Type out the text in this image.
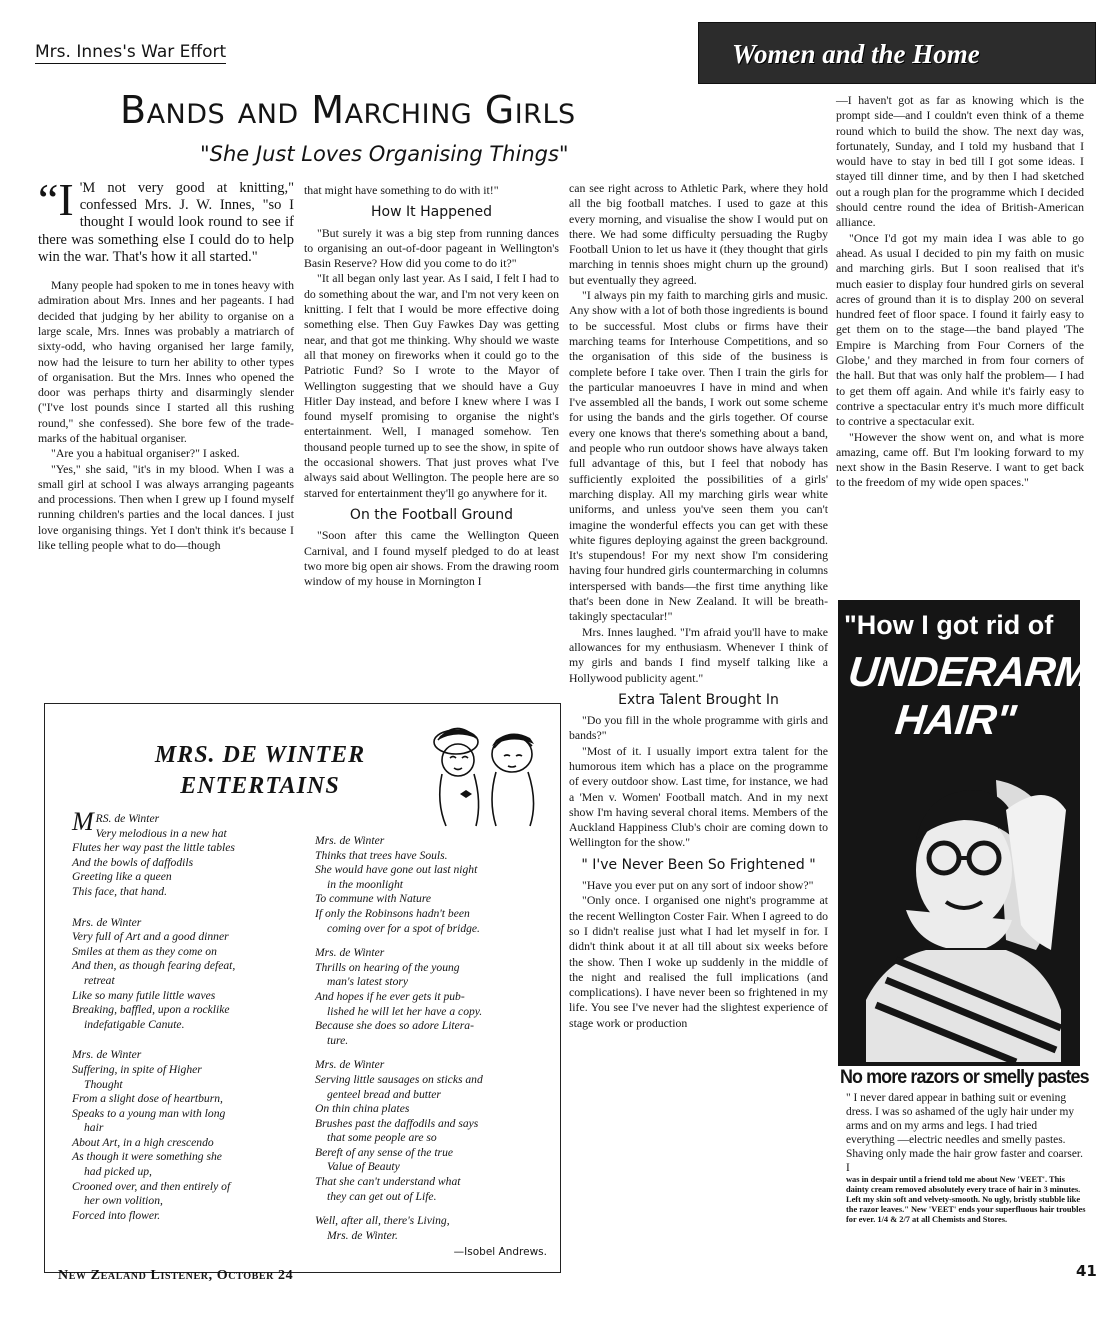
Mrs. Innes's War Effort	Women and the Home
Bands and Marching Girls
"She Just Loves Organising Things"
“I 'M not very good at knitting," confessed Mrs. J. W. Innes, "so I thought I would look round to see if there was something else I could do to help win the war. That's how it all started."

Many people had spoken to me in tones heavy with admiration about Mrs. Innes and her pageants. I had decided that judging by her ability to organise on a large scale, Mrs. Innes was probably a matriarch of sixty-odd, who having organised her large family, now had the leisure to turn her ability to other types of organisation. But the Mrs. Innes who opened the door was perhaps thirty and disarmingly slender ("I've lost pounds since I started all this rushing round," she confessed). She bore few of the trade-marks of the habitual organiser.

"Are you a habitual organiser?" I asked.

"Yes," she said, "it's in my blood. When I was a small girl at school I was always arranging pageants and processions. Then when I grew up I found myself running children's parties and the local dances. I just love organising things. Yet I don't think it's because I like telling people what to do—though

that might have something to do with it!"

How It Happened

"But surely it was a big step from running dances to organising an out-of-door pageant in Wellington's Basin Reserve? How did you come to do it?"

"It all began only last year. As I said, I felt I had to do something about the war, and I'm not very keen on knitting. I felt that I would be more effective doing something else. Then Guy Fawkes Day was getting near, and that got me thinking. Why should we waste all that money on fireworks when it could go to the Patriotic Fund? So I wrote to the Mayor of Wellington suggesting that we should have a Guy Hitler Day instead, and before I knew where I was I found myself promising to organise the night's entertainment. Well, I managed somehow. Ten thousand people turned up to see the show, in spite of the occasional showers. That just proves what I've always said about Wellington. The people here are so starved for entertainment they'll go anywhere for it.

On the Football Ground

"Soon after this came the Wellington Queen Carnival, and I found myself pledged to do at least two more big open air shows. From the drawing room window of my house in Mornington I

can see right across to Athletic Park, where they hold all the big football matches. I used to gaze at this every morning, and visualise the show I would put on there. We had some difficulty persuading the Rugby Football Union to let us have it (they thought that girls marching in tennis shoes might churn up the ground) but eventually they agreed.

"I always pin my faith to marching girls and music. Any show with a lot of both those ingredients is bound to be successful. Most clubs or firms have their marching teams for Interhouse Competitions, and so the organisation of this side of the business is complete before I take over. Then I train the girls for the particular manoeuvres I have in mind and when I've assembled all the bands, I work out some scheme for using the bands and the girls together. Of course every one knows that there's something about a band, and people who run outdoor shows have always taken full advantage of this, but I feel that nobody has sufficiently exploited the possibilities of a girls' marching display. All my marching girls wear white uniforms, and unless you've seen them you can't imagine the wonderful effects you can get with these white figures deploying against the green background. It's stupendous! For my next show I'm considering having four hundred girls countermarching in columns interspersed with bands—the first time anything like that's been done in New Zealand. It will be breath-takingly spectacular!"

Mrs. Innes laughed. "I'm afraid you'll have to make allowances for my enthusiasm. Whenever I think of my girls and bands I find myself talking like a Hollywood publicity agent."

Extra Talent Brought In

"Do you fill in the whole programme with girls and bands?"

"Most of it. I usually import extra talent for the humorous item which has a place on the programme of every outdoor show. Last time, for instance, we had a 'Men v. Women' Football match. And in my next show I'm having several choral items. Members of the Auckland Happiness Club's choir are coming down to Wellington for the show."

" I've Never Been So Frightened "

"Have you ever put on any sort of indoor show?"

"Only once. I organised one night's programme at the recent Wellington Coster Fair. When I agreed to do so I didn't realise just what I had let myself in for. I didn't think about it at all till about six weeks before the show. Then I woke up suddenly in the middle of the night and realised the full implications (and complications). I have never been so frightened in my life. You see I've never had the slightest experience of stage work or production

—I haven't got as far as knowing which is the prompt side—and I couldn't even think of a theme round which to build the show. The next day was, fortunately, Sunday, and I told my husband that I would have to stay in bed till I got some ideas. I stayed till dinner time, and by then I had sketched out a rough plan for the programme which I decided should centre round the idea of British-American alliance.

"Once I'd got my main idea I was able to go ahead. As usual I decided to pin my faith on music and marching girls. But I soon realised that it's much easier to display four hundred girls on several acres of ground than it is to display 200 on several hundred feet of floor space. I found it fairly easy to get them on to the stage—the band played 'The Empire is Marching from Four Corners of the Globe,' and they marched in from four corners of the hall. But that was only half the problem— I had to get them off again. And while it's fairly easy to contrive a spectacular entry it's much more difficult to contrive a spectacular exit.

"However the show went on, and what is more amazing, came off. But I'm looking forward to my next show in the Basin Reserve. I want to get back to the freedom of my wide open spaces."

MRS. DE WINTER
ENTERTAINS
MRS. de Winter
Very melodious in a new hat
Flutes her way past the little tables
And the bowls of daffodils
Greeting like a queen
This face, that hand.
Mrs. de Winter
Very full of Art and a good dinner
Smiles at them as they come on
And then, as though fearing defeat,
retreat
Like so many futile little waves
Breaking, baffled, upon a rocklike
indefatigable Canute.
Mrs. de Winter
Suffering, in spite of Higher
Thought
From a slight dose of heartburn,
Speaks to a young man with long
hair
About Art, in a high crescendo
As though it were something she
had picked up,
Crooned over, and then entirely of
her own volition,
Forced into flower.
Mrs. de Winter
Thinks that trees have Souls.
She would have gone out last night
in the moonlight
To commune with Nature
If only the Robinsons hadn't been
coming over for a spot of bridge.
Mrs. de Winter
Thrills on hearing of the young
man's latest story
And hopes if he ever gets it pub-
lished he will let her have a copy.
Because she does so adore Litera-
ture.
Mrs. de Winter
Serving little sausages on sticks and
genteel bread and butter
On thin china plates
Brushes past the daffodils and says
that some people are so
Bereft of any sense of the true
Value of Beauty
That she can't understand what
they can get out of Life.
Well, after all, there's Living,
Mrs. de Winter.
—Isobel Andrews.
"How I got rid of
UNDERARM
HAIR"
No more razors or smelly pastes
" I never dared appear in bathing suit or evening dress. I was so ashamed of the ugly hair under my arms and on my arms and legs. I had tried everything —electric needles and smelly pastes. Shaving only made the hair grow faster and coarser. I
was in despair until a friend told me about New 'VEET'. This dainty cream removed absolutely every trace of hair in 3 minutes. Left my skin soft and velvety-smooth. No ugly, bristly stubble like the razor leaves." New 'VEET' ends your superfluous hair troubles for ever. 1/4 & 2/7 at all Chemists and Stores.
New Zealand Listener, October 24	41
